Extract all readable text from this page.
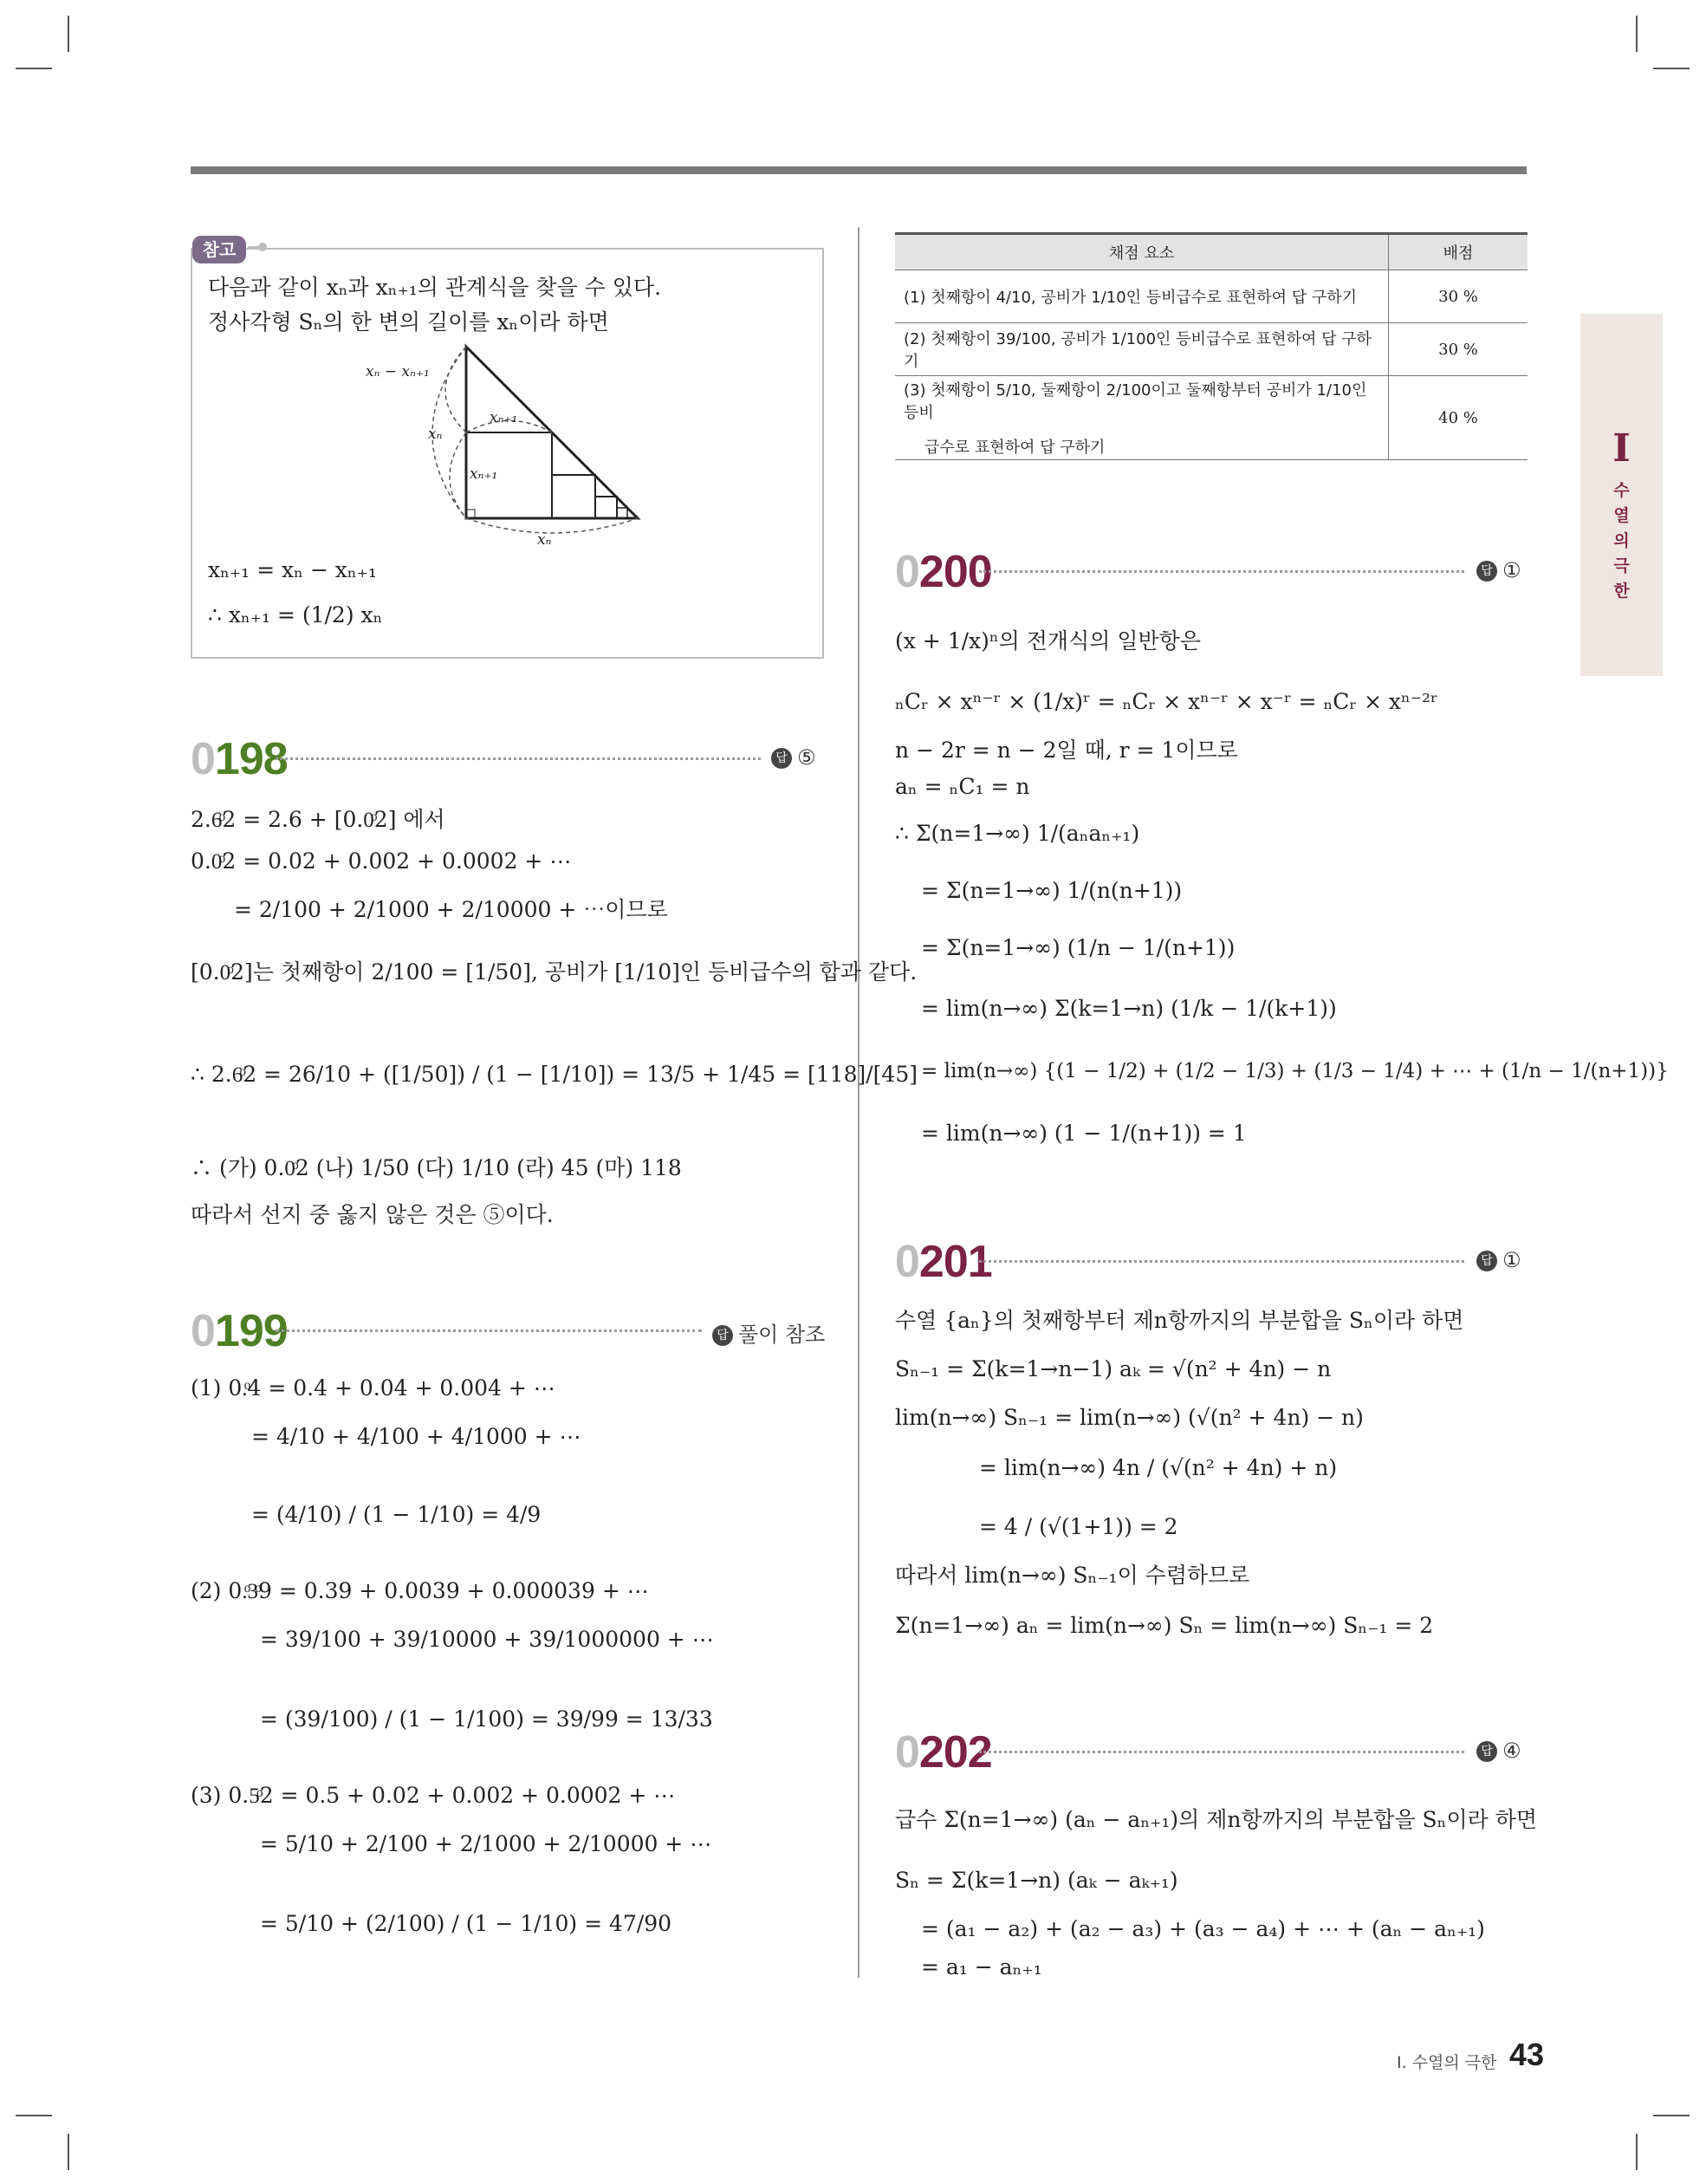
I
수
열
의
극
한
참고
다음과 같이 xₙ과 xₙ₊₁의 관계식을 찾을 수 있다.
정사각형 Sₙ의 한 변의 길이를 xₙ이라 하면
xₙ − xₙ₊₁
xₙ₊₁
xₙ
xₙ₊₁
xₙ
xₙ₊₁ = xₙ − xₙ₊₁
∴ xₙ₊₁ = (1/2) xₙ
채점 요소	배점
(1) 첫째항이 4/10, 공비가 1/10인 등비급수로 표현하여 답 구하기	30 %
(2) 첫째항이 39/100, 공비가 1/100인 등비급수로 표현하여 답 구하기	30 %

(3) 첫째항이 5/10, 둘째항이 2/100이고 둘째항부터 공비가 1/10인 등비
급수로 표현하여 답 구하기	40 %
0198	답 ⑤
2.6ͦ2 = 2.6 + [0.0ͦ2] 에서
0.0ͦ2 = 0.02 + 0.002 + 0.0002 + ⋯
= 2/100 + 2/1000 + 2/10000 + ⋯이므로
[0.0ͦ2]는 첫째항이 2/100 = [1/50], 공비가 [1/10]인 등비급수의 합과 같다.
∴ 2.6ͦ2 = 26/10 + ([1/50]) / (1 − [1/10]) = 13/5 + 1/45 = [118]/[45]
∴ (가) 0.0ͦ2 (나) 1/50 (다) 1/10 (라) 45 (마) 118
따라서 선지 중 옳지 않은 것은 ⑤이다.
0199	답 풀이 참조
(1) 0.ͦ4 = 0.4 + 0.04 + 0.004 + ⋯
= 4/10 + 4/100 + 4/1000 + ⋯
= (4/10) / (1 − 1/10) = 4/9
(2) 0.ͦ3ͦ9 = 0.39 + 0.0039 + 0.000039 + ⋯
= 39/100 + 39/10000 + 39/1000000 + ⋯
= (39/100) / (1 − 1/100) = 39/99 = 13/33
(3) 0.5ͦ2 = 0.5 + 0.02 + 0.002 + 0.0002 + ⋯
= 5/10 + 2/100 + 2/1000 + 2/10000 + ⋯
= 5/10 + (2/100) / (1 − 1/10) = 47/90
0200	답 ①
(x + 1/x)ⁿ의 전개식의 일반항은
ₙCᵣ × xⁿ⁻ʳ × (1/x)ʳ = ₙCᵣ × xⁿ⁻ʳ × x⁻ʳ = ₙCᵣ × xⁿ⁻²ʳ
n − 2r = n − 2일 때, r = 1이므로
aₙ = ₙC₁ = n
∴ Σ(n=1→∞) 1/(aₙaₙ₊₁)
= Σ(n=1→∞) 1/(n(n+1))
= Σ(n=1→∞) (1/n − 1/(n+1))
= lim(n→∞) Σ(k=1→n) (1/k − 1/(k+1))
= lim(n→∞) {(1 − 1/2) + (1/2 − 1/3) + (1/3 − 1/4) + ⋯ + (1/n − 1/(n+1))}
= lim(n→∞) (1 − 1/(n+1)) = 1
0201	답 ①
수열 {aₙ}의 첫째항부터 제n항까지의 부분합을 Sₙ이라 하면
Sₙ₋₁ = Σ(k=1→n−1) aₖ = √(n² + 4n) − n
lim(n→∞) Sₙ₋₁ = lim(n→∞) (√(n² + 4n) − n)
= lim(n→∞) 4n / (√(n² + 4n) + n)
= 4 / (√(1+1)) = 2
따라서 lim(n→∞) Sₙ₋₁이 수렴하므로
Σ(n=1→∞) aₙ = lim(n→∞) Sₙ = lim(n→∞) Sₙ₋₁ = 2
0202	답 ④
급수 Σ(n=1→∞) (aₙ − aₙ₊₁)의 제n항까지의 부분합을 Sₙ이라 하면
Sₙ = Σ(k=1→n) (aₖ − aₖ₊₁)
= (a₁ − a₂) + (a₂ − a₃) + (a₃ − a₄) + ⋯ + (aₙ − aₙ₊₁)
= a₁ − aₙ₊₁
Ⅰ. 수열의 극한 43
